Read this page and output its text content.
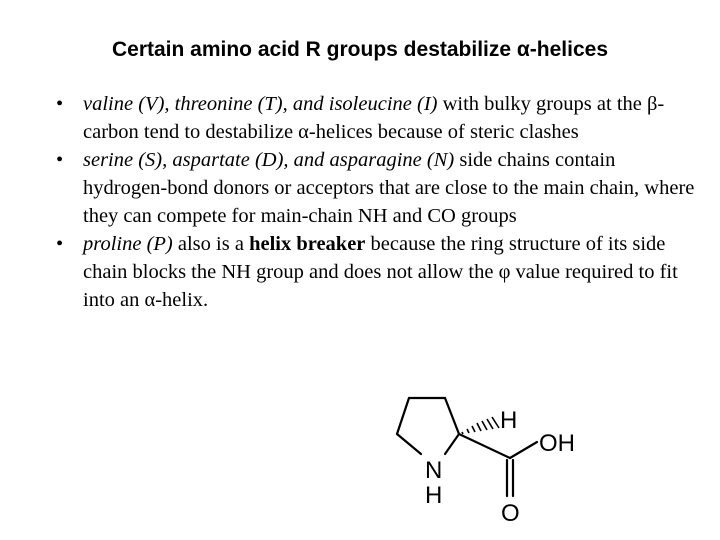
Certain amino acid R groups destabilize α-helices
• valine (V), threonine (T), and isoleucine (I) with bulky groups at the β-carbon tend to destabilize α-helices because of steric clashes
• serine (S), aspartate (D), and asparagine (N) side chains contain hydrogen-bond donors or acceptors that are close to the main chain, where they can compete for main-chain NH and CO groups
• proline (P) also is a helix breaker because the ring structure of its side chain blocks the NH group and does not allow the φ value required to fit into an α-helix.
H
OH
N
H
O
